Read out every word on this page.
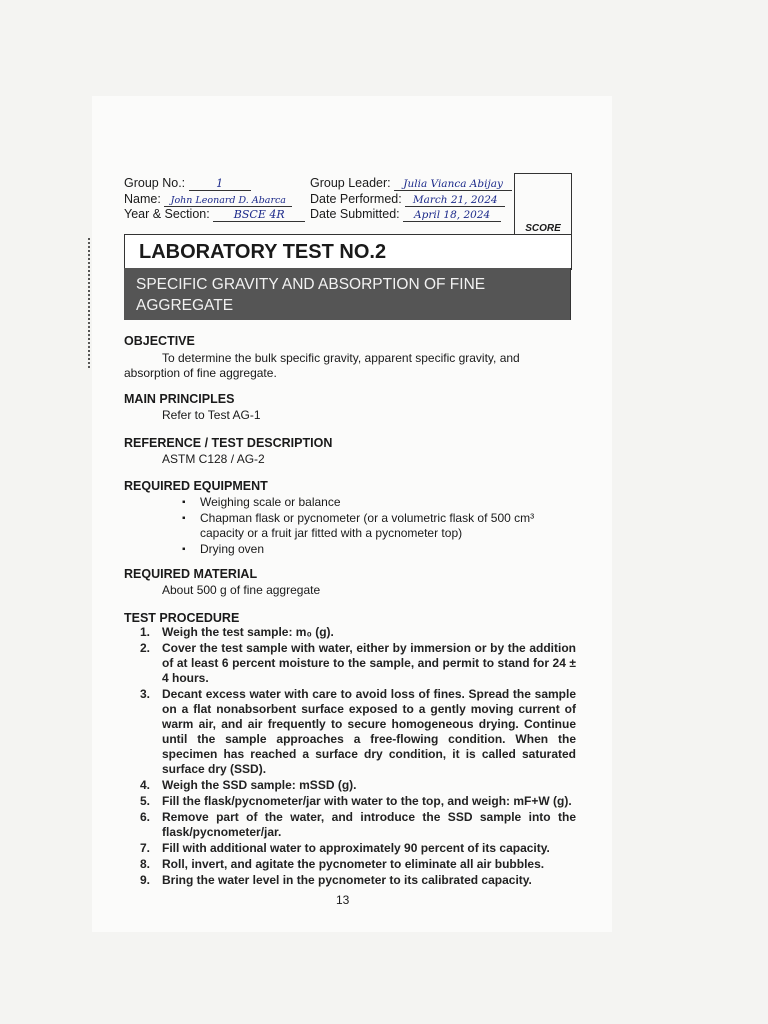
Group No.:	1
Name: John Leonard D. Abarca
Year & Section: BSCE 4R
Group Leader: Julia Vianca Abijay
Date Performed: March 21, 2024
Date Submitted: April 18, 2024
SCORE
LABORATORY TEST NO.2
SPECIFIC GRAVITY AND ABSORPTION OF FINE AGGREGATE
OBJECTIVE
To determine the bulk specific gravity, apparent specific gravity, and
absorption of fine aggregate.
MAIN PRINCIPLES
Refer to Test AG-1
REFERENCE / TEST DESCRIPTION
ASTM C128 / AG-2
REQUIRED EQUIPMENT
▪ Weighing scale or balance
▪ Chapman flask or pycnometer (or a volumetric flask of 500 cm³ capacity or a fruit jar fitted with a pycnometer top)
▪ Drying oven
REQUIRED MATERIAL
About 500 g of fine aggregate
TEST PROCEDURE
1. Weigh the test sample: m₀ (g).
2. Cover the test sample with water, either by immersion or by the addition of at least 6 percent moisture to the sample, and permit to stand for 24 ± 4 hours.
3. Decant excess water with care to avoid loss of fines. Spread the sample on a flat nonabsorbent surface exposed to a gently moving current of warm air, and air frequently to secure homogeneous drying. Continue until the sample approaches a free-flowing condition. When the specimen has reached a surface dry condition, it is called saturated surface dry (SSD).
4. Weigh the SSD sample: mSSD (g).
5. Fill the flask/pycnometer/jar with water to the top, and weigh: mF+W (g).
6. Remove part of the water, and introduce the SSD sample into the flask/pycnometer/jar.
7. Fill with additional water to approximately 90 percent of its capacity.
8. Roll, invert, and agitate the pycnometer to eliminate all air bubbles.
9. Bring the water level in the pycnometer to its calibrated capacity.
13
